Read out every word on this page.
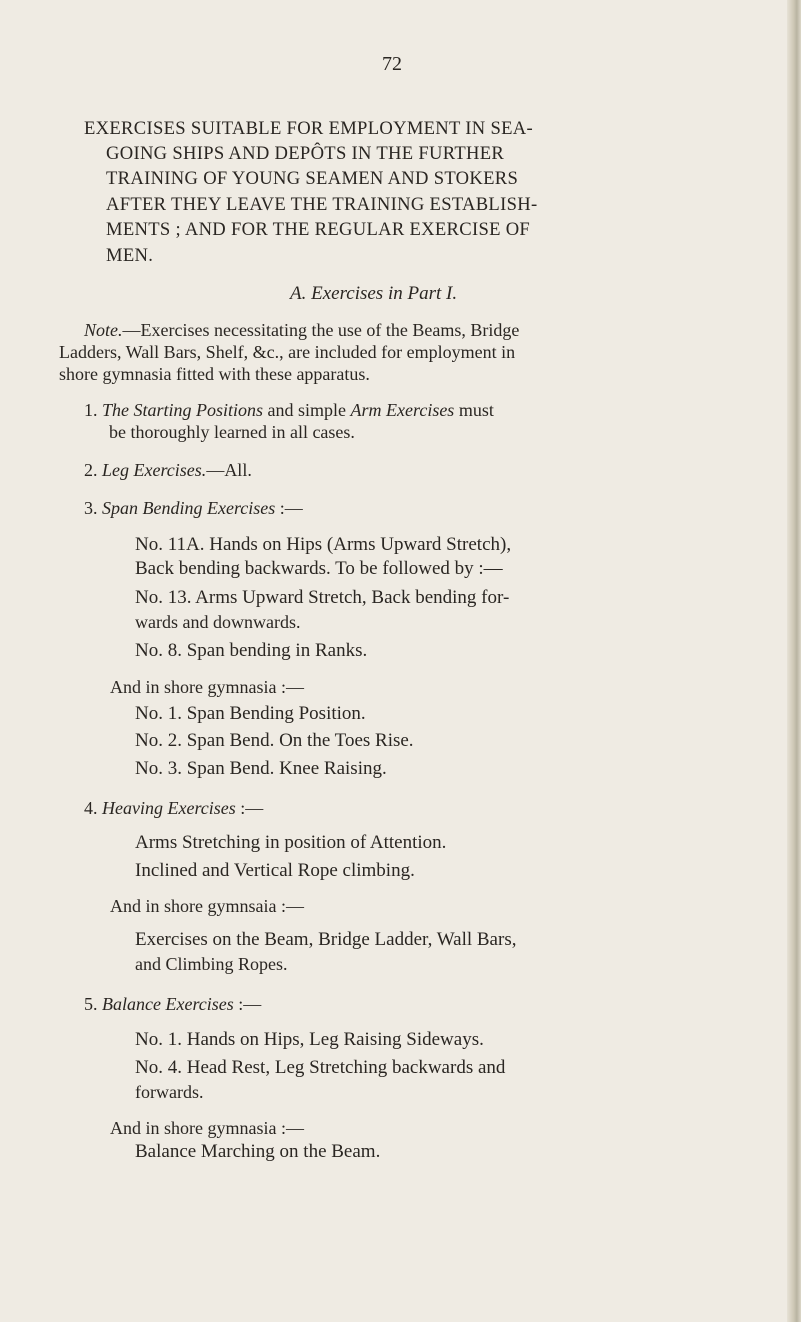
72
EXERCISES SUITABLE FOR EMPLOYMENT IN SEA-
GOING SHIPS AND DEPÔTS IN THE FURTHER
TRAINING OF YOUNG SEAMEN AND STOKERS
AFTER THEY LEAVE THE TRAINING ESTABLISH-
MENTS ; AND FOR THE REGULAR EXERCISE OF
MEN.
A. Exercises in Part I.
Note.—Exercises necessitating the use of the Beams, Bridge
Ladders, Wall Bars, Shelf, &c., are included for employment in
shore gymnasia fitted with these apparatus.
1. The Starting Positions and simple Arm Exercises must
be thoroughly learned in all cases.
2. Leg Exercises.—All.
3. Span Bending Exercises :—
No. 11A. Hands on Hips (Arms Upward Stretch),
Back bending backwards. To be followed by :—
No. 13. Arms Upward Stretch, Back bending for-
wards and downwards.
No. 8. Span bending in Ranks.
And in shore gymnasia :—
No. 1. Span Bending Position.
No. 2. Span Bend. On the Toes Rise.
No. 3. Span Bend. Knee Raising.
4. Heaving Exercises :—
Arms Stretching in position of Attention.
Inclined and Vertical Rope climbing.
And in shore gymnsaia :—
Exercises on the Beam, Bridge Ladder, Wall Bars,
and Climbing Ropes.
5. Balance Exercises :—
No. 1. Hands on Hips, Leg Raising Sideways.
No. 4. Head Rest, Leg Stretching backwards and
forwards.
And in shore gymnasia :—
Balance Marching on the Beam.
